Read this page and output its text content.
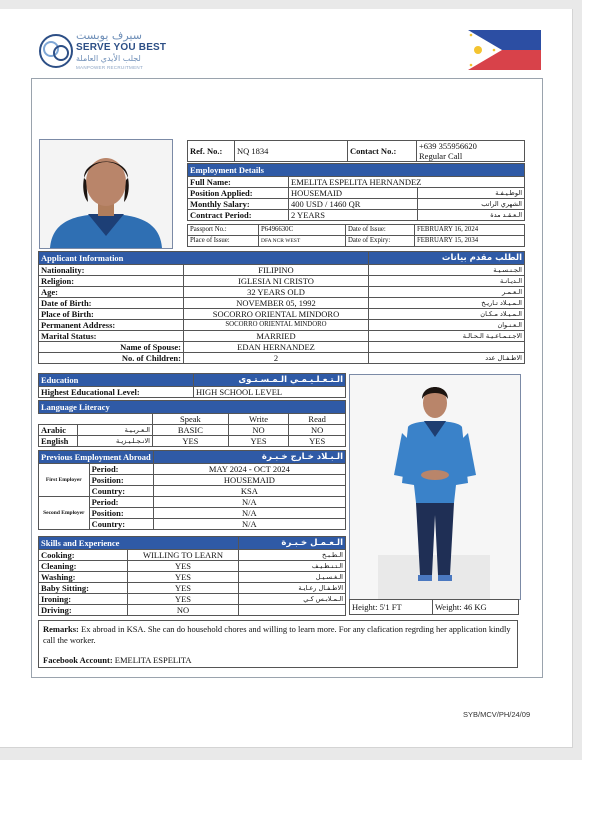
سيرف يوبست
SERVE YOU BEST
لجلب الأيدي العاملة
MANPOWER RECRUITMENT
Ref. No.:	NQ 1834	Contact No.:	+639 355956620
Regular Call
Employment Details		
Full Name:	EMELITA ESPELITA HERNANDEZ	
Position Applied:	HOUSEMAID	الوظـيـفـة
Monthly Salary:	400 USD / 1460 QR	الشهري الراتب
Contract Period:	2 YEARS	الـعـقـد مدة
Passport No.:	P6496630C	Date of Issue:	FEBRUARY 16, 2024
Place of Issue:	DFA NCR WEST	Date of Expiry:	FEBRUARY 15, 2034
Applicant Information		الطلب مقدم بيانات
Nationality:	FILIPINO	الجـنـسـيـة
Religion:	IGLESIA NI CRISTO	الـديـانـة
Age:	32 YEARS OLD	الـعـمـر
Date of Birth:	NOVEMBER 05, 1992	الـمـيـلاد تـاريـخ
Place of Birth:	SOCORRO ORIENTAL MINDORO	الـمـيـلاد مـكـان
Permanent Address:	SOCORRO ORIENTAL MINDORO	الـعـنـوان
Marital Status:	MARRIED	الاجـتـمـاعـيـة الـحـالـة
Name of Spouse:	EDAN HERNANDEZ	
No. of Children:	2	الاطـفـال عدد
Height: 5'1 FT	Weight: 46 KG
Education	الـتـعـلـيـمـي الـمـسـتـوى
Highest Educational Level:	HIGH SCHOOL LEVEL
Language Literacy				
		Speak	Write	Read
Arabic	الـعـربـيـة	BASIC	NO	NO
English	الانـجـلـيـزيـة	YES	YES	YES
Previous Employment Abroad		الـبـلاد خـارج خـبـرة
First Employer	Period:	MAY 2024 - OCT 2024
	Position:	HOUSEMAID
	Country:	KSA
Second Employer	Period:	N/A
	Position:	N/A
	Country:	N/A
Skills and Experience		الـعـمـل خـبـرة
Cooking:	WILLING TO LEARN	الـطـبـخ
Cleaning:	YES	الـتـنـظـيـف
Washing:	YES	الـغـسـيـل
Baby Sitting:	YES	الاطـفـال رعـايـة
Ironing:	YES	الـمـلابـس كـي
Driving:	NO	
Remarks: Ex abroad in KSA. She can do household chores and willing to learn more. For any clafication regrding her application kindly call the worker.
Facebook Account: EMELITA ESPELITA
SYB/MCV/PH/24/09
